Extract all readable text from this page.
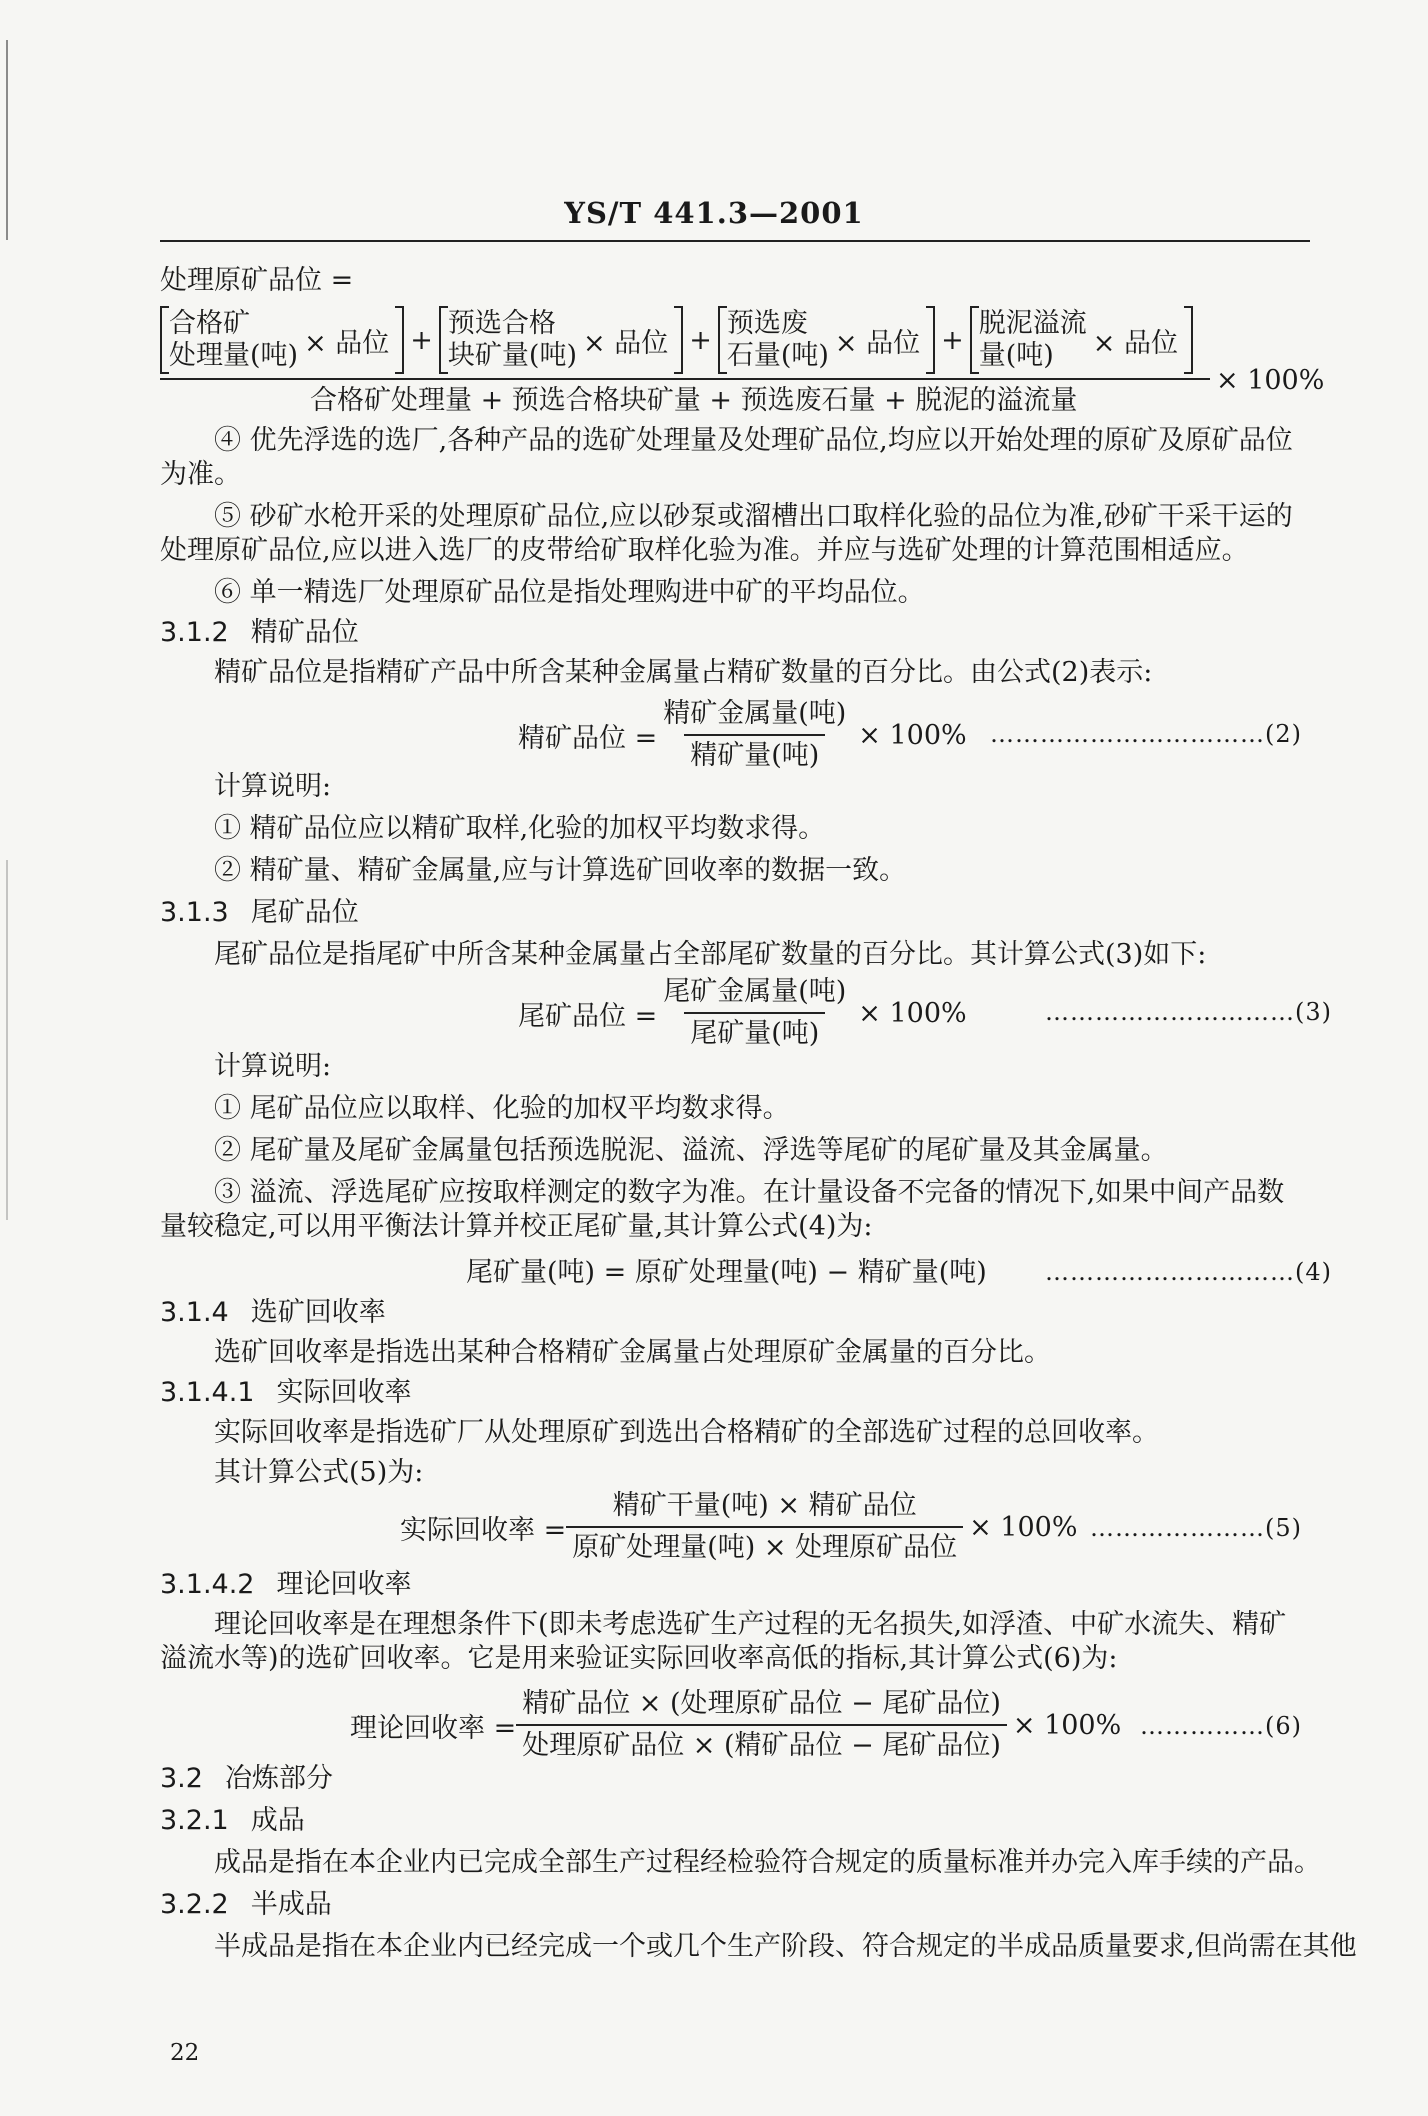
YS/T 441.3—2001
处理原矿品位 =
合格矿
处理量(吨) × 品位 +
预选合格
块矿量(吨) × 品位 +
预选废
石量(吨) × 品位 +
脱泥溢流
量(吨)	× 品位
合格矿处理量 + 预选合格块矿量 + 预选废石量 + 脱泥的溢流量
× 100%
④ 优先浮选的选厂,各种产品的选矿处理量及处理矿品位,均应以开始处理的原矿及原矿品位为准。
⑤ 砂矿水枪开采的处理原矿品位,应以砂泵或溜槽出口取样化验的品位为准,砂矿干采干运的处理原矿品位,应以进入选厂的皮带给矿取样化验为准。并应与选矿处理的计算范围相适应。
⑥ 单一精选厂处理原矿品位是指处理购进中矿的平均品位。
3.1.2 精矿品位
精矿品位是指精矿产品中所含某种金属量占精矿数量的百分比。由公式(2)表示:
精矿品位 = $\frac{\text{精矿金属量(吨)}}{\text{精矿量(吨)}} \times 100\%$ ……………………………(2)
计算说明:
① 精矿品位应以精矿取样,化验的加权平均数求得。
② 精矿量、精矿金属量,应与计算选矿回收率的数据一致。
3.1.3 尾矿品位
尾矿品位是指尾矿中所含某种金属量占全部尾矿数量的百分比。其计算公式(3)如下:
尾矿品位 = $\frac{\text{尾矿金属量(吨)}}{\text{尾矿量(吨)}} \times 100\%$	…………………………(3)
计算说明:
① 尾矿品位应以取样、化验的加权平均数求得。
② 尾矿量及尾矿金属量包括预选脱泥、溢流、浮选等尾矿的尾矿量及其金属量。
③ 溢流、浮选尾矿应按取样测定的数字为准。在计量设备不完备的情况下,如果中间产品数量较稳定,可以用平衡法计算并校正尾矿量,其计算公式(4)为:
尾矿量(吨) = 原矿处理量(吨) − 精矿量(吨) …………………………(4)
3.1.4 选矿回收率
选矿回收率是指选出某种合格精矿金属量占处理原矿金属量的百分比。
3.1.4.1 实际回收率
实际回收率是指选矿厂从处理原矿到选出合格精矿的全部选矿过程的总回收率。
其计算公式(5)为:
实际回收率 = $\frac{\text{精矿干量(吨) × 精矿品位}}{\text{原矿处理量(吨) × 处理原矿品位}} \times 100\%$ …………………(5)
3.1.4.2 理论回收率
理论回收率是在理想条件下(即未考虑选矿生产过程的无名损失,如浮渣、中矿水流失、精矿溢流水等)的选矿回收率。它是用来验证实际回收率高低的指标,其计算公式(6)为:
理论回收率 = $\frac{\text{精矿品位 × (处理原矿品位 − 尾矿品位)}}{\text{处理原矿品位 × (精矿品位 − 尾矿品位)}} \times 100\%$ ……………(6)
3.2 冶炼部分
3.2.1 成品
成品是指在本企业内已完成全部生产过程经检验符合规定的质量标准并办完入库手续的产品。
3.2.2 半成品
半成品是指在本企业内已经完成一个或几个生产阶段、符合规定的半成品质量要求,但尚需在其他
22
